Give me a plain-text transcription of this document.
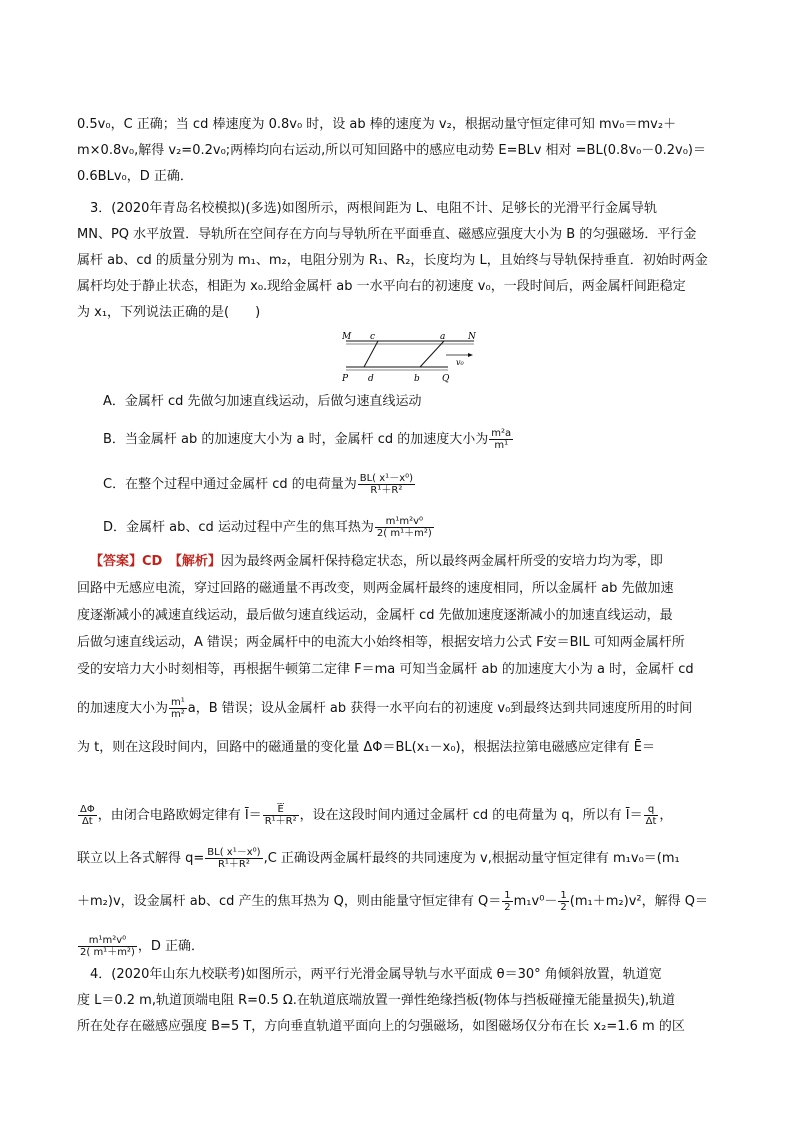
0.5v₀，C 正确；当 cd 棒速度为 0.8v₀ 时，设 ab 棒的速度为 v₂，根据动量守恒定律可知 mv₀＝mv₂＋
m×0.8v₀,解得 v₂=0.2v₀;两棒均向右运动,所以可知回路中的感应电动势 E=BLv 相对 =BL(0.8v₀－0.2v₀)＝
0.6BLv₀，D 正确．
3．(2020年青岛名校模拟)(多选)如图所示，两根间距为 L、电阻不计、足够长的光滑平行金属导轨
MN、PQ 水平放置．导轨所在空间存在方向与导轨所在平面垂直、磁感应强度大小为 B 的匀强磁场．平行金
属杆 ab、cd 的质量分别为 m₁、m₂，电阻分别为 R₁、R₂，长度均为 L，且始终与导轨保持垂直．初始时两金
属杆均处于静止状态，相距为 x₀.现给金属杆 ab 一水平向右的初速度 v₀，一段时间后，两金属杆间距稳定
为 x₁，下列说法正确的是(　　)
M c	a	N
v₀
P d	b Q
A．金属杆 cd 先做匀加速直线运动，后做匀速直线运动
B．当金属杆 ab 的加速度大小为 a 时，金属杆 cd 的加速度大小为 $\frac{\text{m²a}}{\text{m¹}}$
C．在整个过程中通过金属杆 cd 的电荷量为 $\frac{\text{BL( x¹－x⁰)}}{\text{R¹＋R²}}$
D．金属杆 ab、cd 运动过程中产生的焦耳热为 $\frac{\text{m¹m²v⁰}}{\text{2( m¹＋m²)}}$
【答案】CD　【解析】因为最终两金属杆保持稳定状态，所以最终两金属杆所受的安培力均为零，即
回路中无感应电流，穿过回路的磁通量不再改变，则两金属杆最终的速度相同，所以金属杆 ab 先做加速
度逐渐减小的减速直线运动，最后做匀速直线运动，金属杆 cd 先做加速度逐渐减小的加速直线运动，最
后做匀速直线运动，A 错误；两金属杆中的电流大小始终相等，根据安培力公式 F安＝BIL 可知两金属杆所
受的安培力大小时刻相等，再根据牛顿第二定律 F＝ma 可知当金属杆 ab 的加速度大小为 a 时，金属杆 cd
的加速度大小为 $\frac{\text{m¹}}{\text{m²}}$ a，B 错误；设从金属杆 ab 获得一水平向右的初速度 v₀到最终达到共同速度所用的时间
为 t，则在这段时间内，回路中的磁通量的变化量 ΔΦ＝BL(x₁－x₀)，根据法拉第电磁感应定律有 Ē＝
$\frac{\Delta\Phi}{\Delta t}$ ，由闭合电路欧姆定律有 Ī＝ $\frac{\overline{Ē}}{\text{R¹＋R²}}$ ，设在这段时间内通过金属杆 cd 的电荷量为 q，所以有 Ī＝ $\frac{q}{\Delta t}$ ，
联立以上各式解得 $q= \frac{\text{BL( x¹－x⁰)}}{\text{R¹＋R²}} ,C$ 正确设两金属杆最终的共同速度为 v,根据动量守恒定律有 m₁v₀＝(m₁
＋m₂)v，设金属杆 ab、cd 产生的焦耳热为 Q，则由能量守恒定律有 $Q= \frac{1}{2} m_1v^0- \frac{1}{2} (m_1+m_2)v^2$，解得 Q＝
$\frac{\text{m¹m²v⁰}}{\text{2( m¹＋m²)}}$ ，D 正确．
4．(2020年山东九校联考)如图所示，两平行光滑金属导轨与水平面成 θ＝30° 角倾斜放置，轨道宽
度 L＝0.2 m,轨道顶端电阻 R=0.5 Ω.在轨道底端放置一弹性绝缘挡板(物体与挡板碰撞无能量损失),轨道
所在处存在磁感应强度 B=5 T，方向垂直轨道平面向上的匀强磁场，如图磁场仅分布在长 x₂=1.6 m 的区
